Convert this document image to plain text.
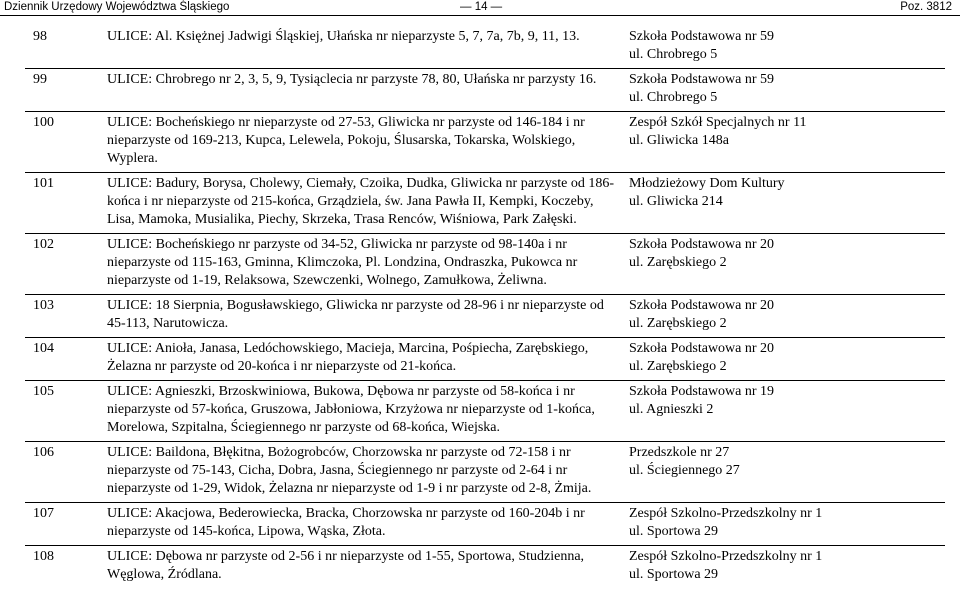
Dziennik Urzędowy Województwa Śląskiego	— 14 —	Poz. 3812
98	ULICE: Al. Księżnej Jadwigi Śląskiej, Ułańska nr nieparzyste 5, 7, 7a, 7b, 9, 11, 13.	Szkoła Podstawowa nr 59
ul. Chrobrego 5

99	ULICE: Chrobrego nr 2, 3, 5, 9, Tysiąclecia nr parzyste 78, 80, Ułańska nr parzysty 16.	Szkoła Podstawowa nr 59
ul. Chrobrego 5

100	ULICE: Bocheńskiego nr nieparzyste od 27-53, Gliwicka nr parzyste od 146-184 i nr nieparzyste od 169-213, Kupca, Lelewela, Pokoju, Ślusarska, Tokarska, Wolskiego, Wyplera.	Zespół Szkół Specjalnych nr 11
ul. Gliwicka 148a

101	ULICE: Badury, Borysa, Cholewy, Ciemały, Czoika, Dudka, Gliwicka nr parzyste od 186-końca i nr nieparzyste od 215-końca, Grządziela, św. Jana Pawła II, Kempki, Koczeby, Lisa, Mamoka, Musialika, Piechy, Skrzeka, Trasa Renców, Wiśniowa, Park Załęski.	Młodzieżowy Dom Kultury
ul. Gliwicka 214

102	ULICE: Bocheńskiego nr parzyste od 34-52, Gliwicka nr parzyste od 98-140a i nr nieparzyste od 115-163, Gminna, Klimczoka, Pl. Londzina, Ondraszka, Pukowca nr nieparzyste od 1-19, Relaksowa, Szewczenki, Wolnego, Zamułkowa, Żeliwna.	Szkoła Podstawowa nr 20
ul. Zarębskiego 2

103	ULICE: 18 Sierpnia, Bogusławskiego, Gliwicka nr parzyste od 28-96 i nr nieparzyste od 45-113, Narutowicza.	Szkoła Podstawowa nr 20
ul. Zarębskiego 2

104	ULICE: Anioła, Janasa, Ledóchowskiego, Macieja, Marcina, Pośpiecha, Zarębskiego, Żelazna nr parzyste od 20-końca i nr nieparzyste od 21-końca.	Szkoła Podstawowa nr 20
ul. Zarębskiego 2

105	ULICE: Agnieszki, Brzoskwiniowa, Bukowa, Dębowa nr parzyste od 58-końca i nr nieparzyste od 57-końca, Gruszowa, Jabłoniowa, Krzyżowa nr nieparzyste od 1-końca, Morelowa, Szpitalna, Ściegiennego nr parzyste od 68-końca, Wiejska.	Szkoła Podstawowa nr 19
ul. Agnieszki 2

106	ULICE: Baildona, Błękitna, Bożogrobców, Chorzowska nr parzyste od 72-158 i nr nieparzyste od 75-143, Cicha, Dobra, Jasna, Ściegiennego nr parzyste od 2-64 i nr nieparzyste od 1-29, Widok, Żelazna nr nieparzyste od 1-9 i nr parzyste od 2-8, Żmija.	Przedszkole nr 27
ul. Ściegiennego 27

107	ULICE: Akacjowa, Bederowiecka, Bracka, Chorzowska nr parzyste od 160-204b i nr nieparzyste od 145-końca, Lipowa, Wąska, Złota.	Zespół Szkolno-Przedszkolny nr 1
ul. Sportowa 29

108	ULICE: Dębowa nr parzyste od 2-56 i nr nieparzyste od 1-55, Sportowa, Studzienna, Węglowa, Źródlana.	Zespół Szkolno-Przedszkolny nr 1
ul. Sportowa 29
